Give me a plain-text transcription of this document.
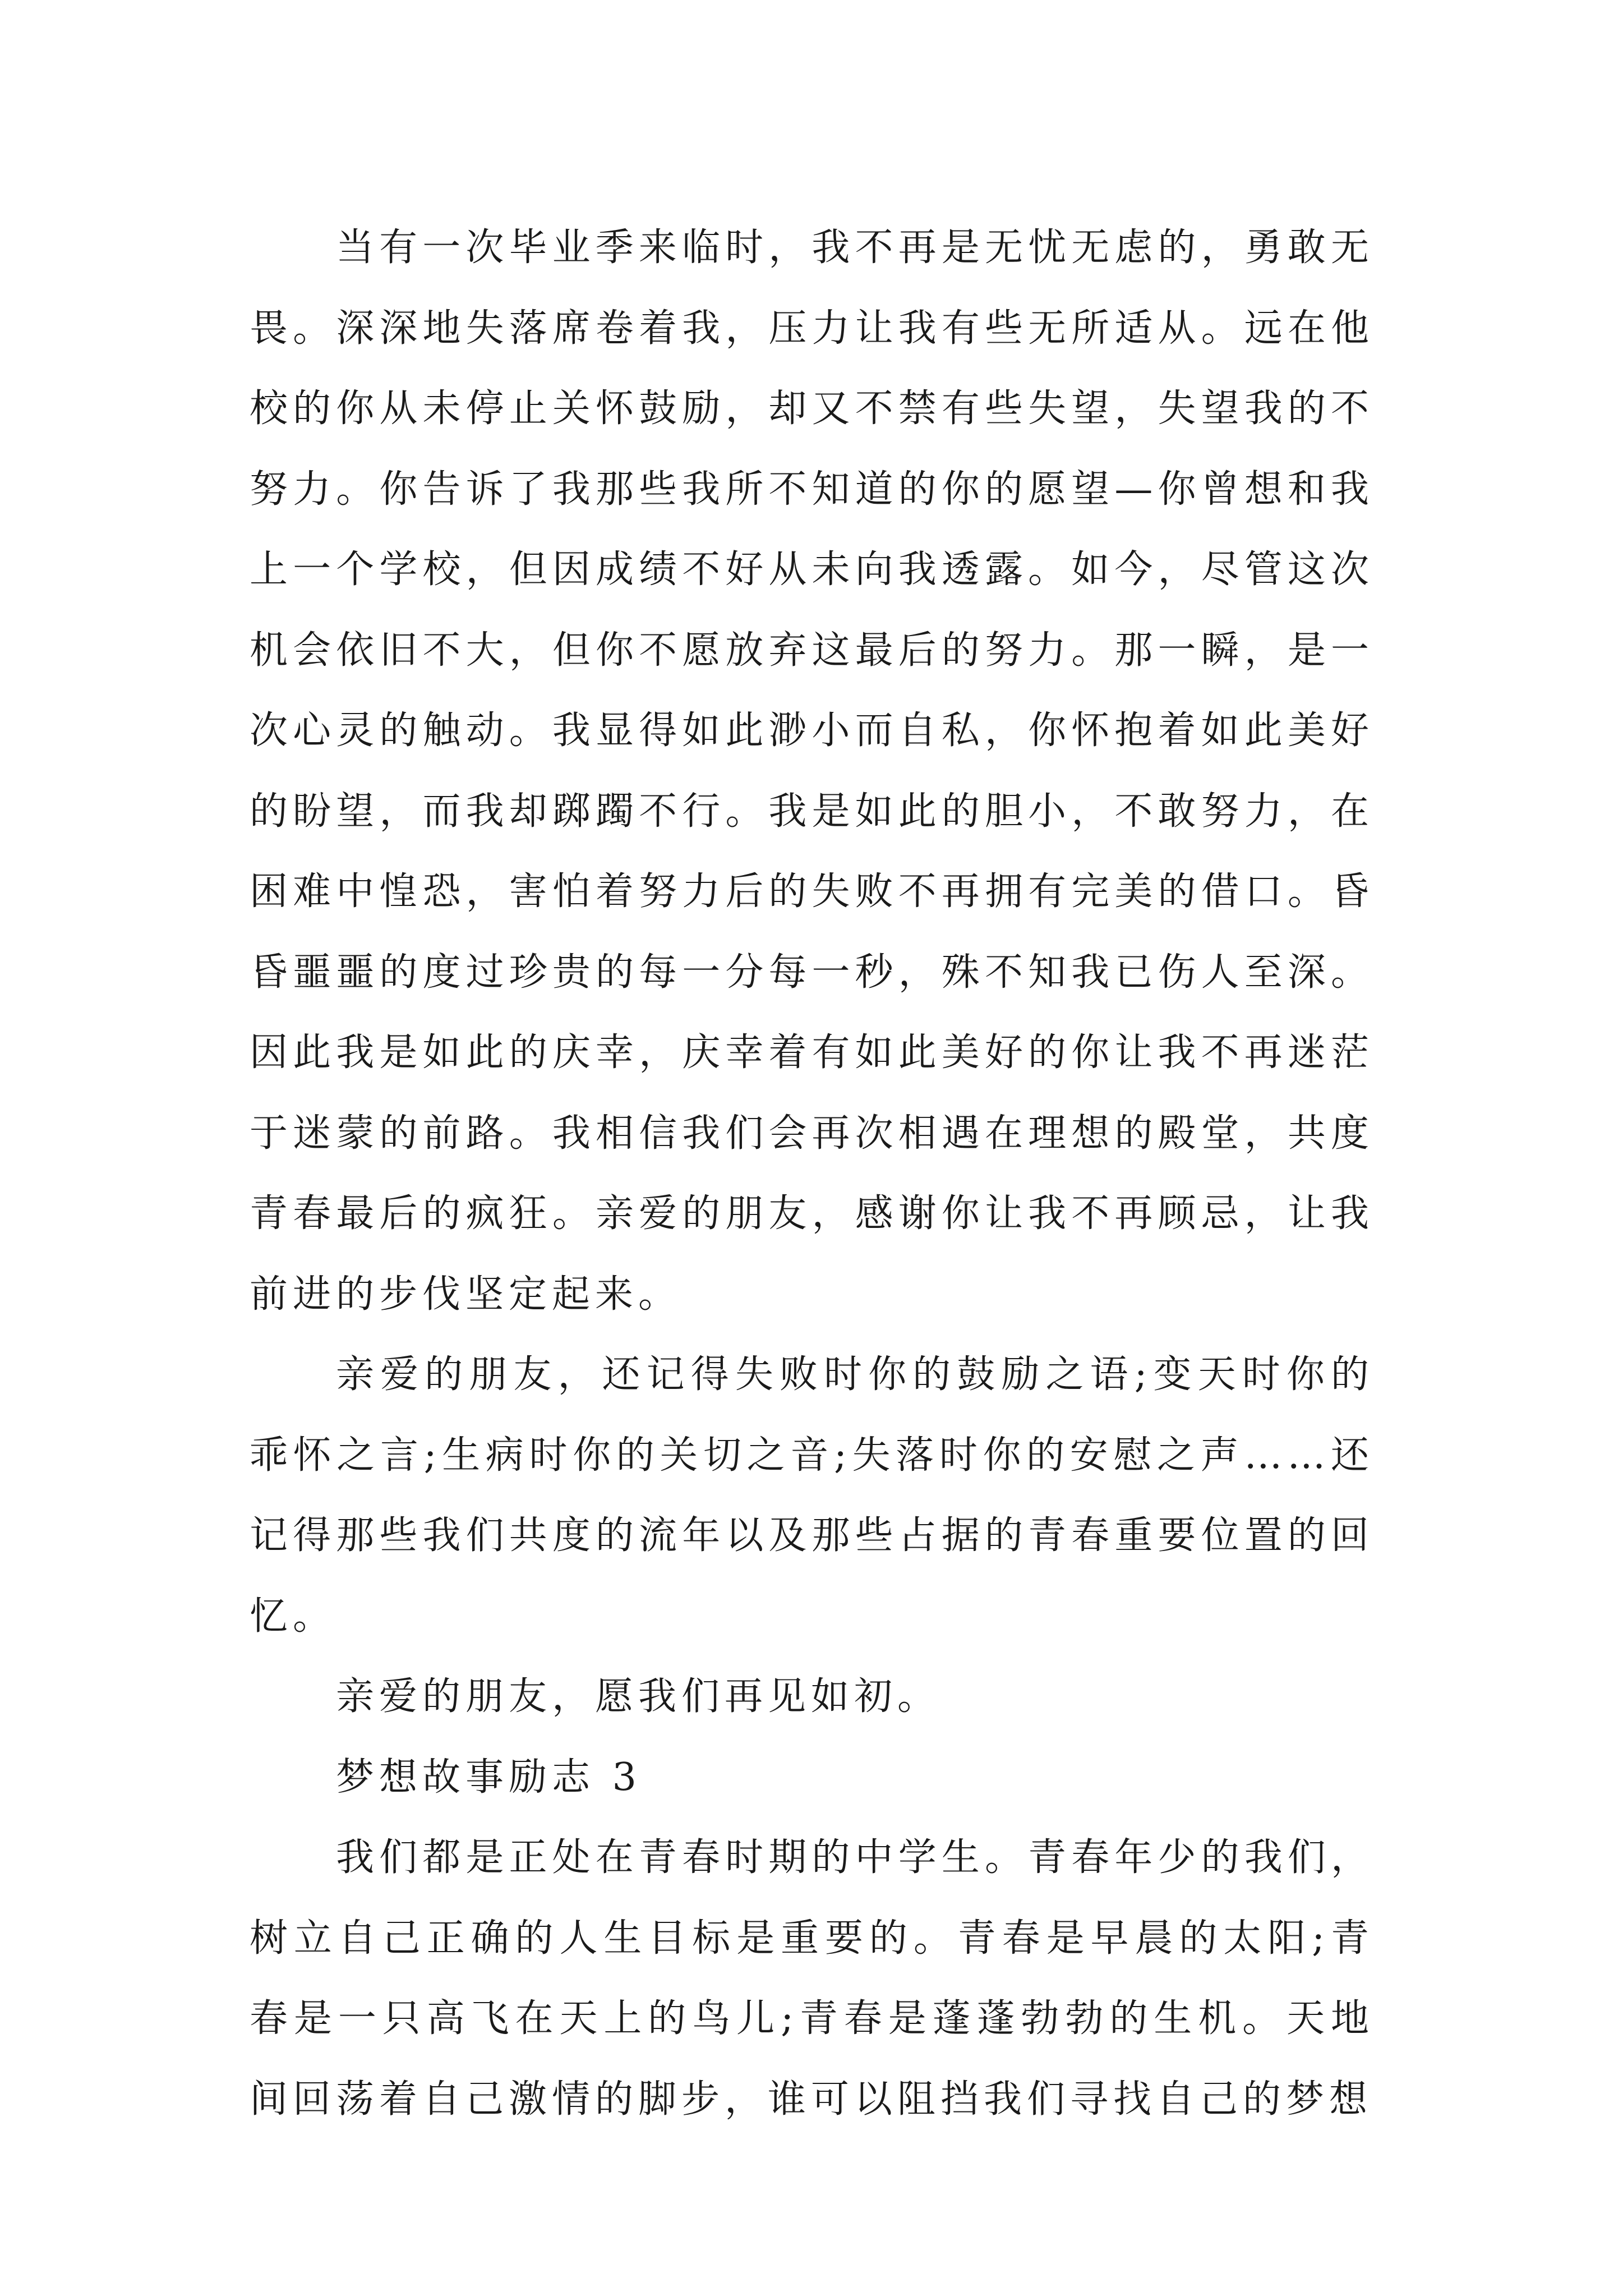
当有一次毕业季来临时，我不再是无忧无虑的，勇敢无畏。深深地失落席卷着我，压力让我有些无所适从。远在他校的你从未停止关怀鼓励，却又不禁有些失望，失望我的不努力。你告诉了我那些我所不知道的你的愿望—你曾想和我上一个学校，但因成绩不好从未向我透露。如今，尽管这次机会依旧不大，但你不愿放弃这最后的努力。那一瞬，是一次心灵的触动。我显得如此渺小而自私，你怀抱着如此美好的盼望，而我却踯躅不行。我是如此的胆小，不敢努力，在困难中惶恐，害怕着努力后的失败不再拥有完美的借口。昏昏噩噩的度过珍贵的每一分每一秒，殊不知我已伤人至深。因此我是如此的庆幸，庆幸着有如此美好的你让我不再迷茫于迷蒙的前路。我相信我们会再次相遇在理想的殿堂，共度青春最后的疯狂。亲爱的朋友，感谢你让我不再顾忌，让我前进的步伐坚定起来。

亲爱的朋友，还记得失败时你的鼓励之语;变天时你的乖怀之言;生病时你的关切之音;失落时你的安慰之声……还记得那些我们共度的流年以及那些占据的青春重要位置的回忆。

亲爱的朋友，愿我们再见如初。

梦想故事励志 3

我们都是正处在青春时期的中学生。青春年少的我们，树立自己正确的人生目标是重要的。青春是早晨的太阳;青春是一只高飞在天上的鸟儿;青春是蓬蓬勃勃的生机。天地间回荡着自己激情的脚步，谁可以阻挡我们寻找自己的梦想
